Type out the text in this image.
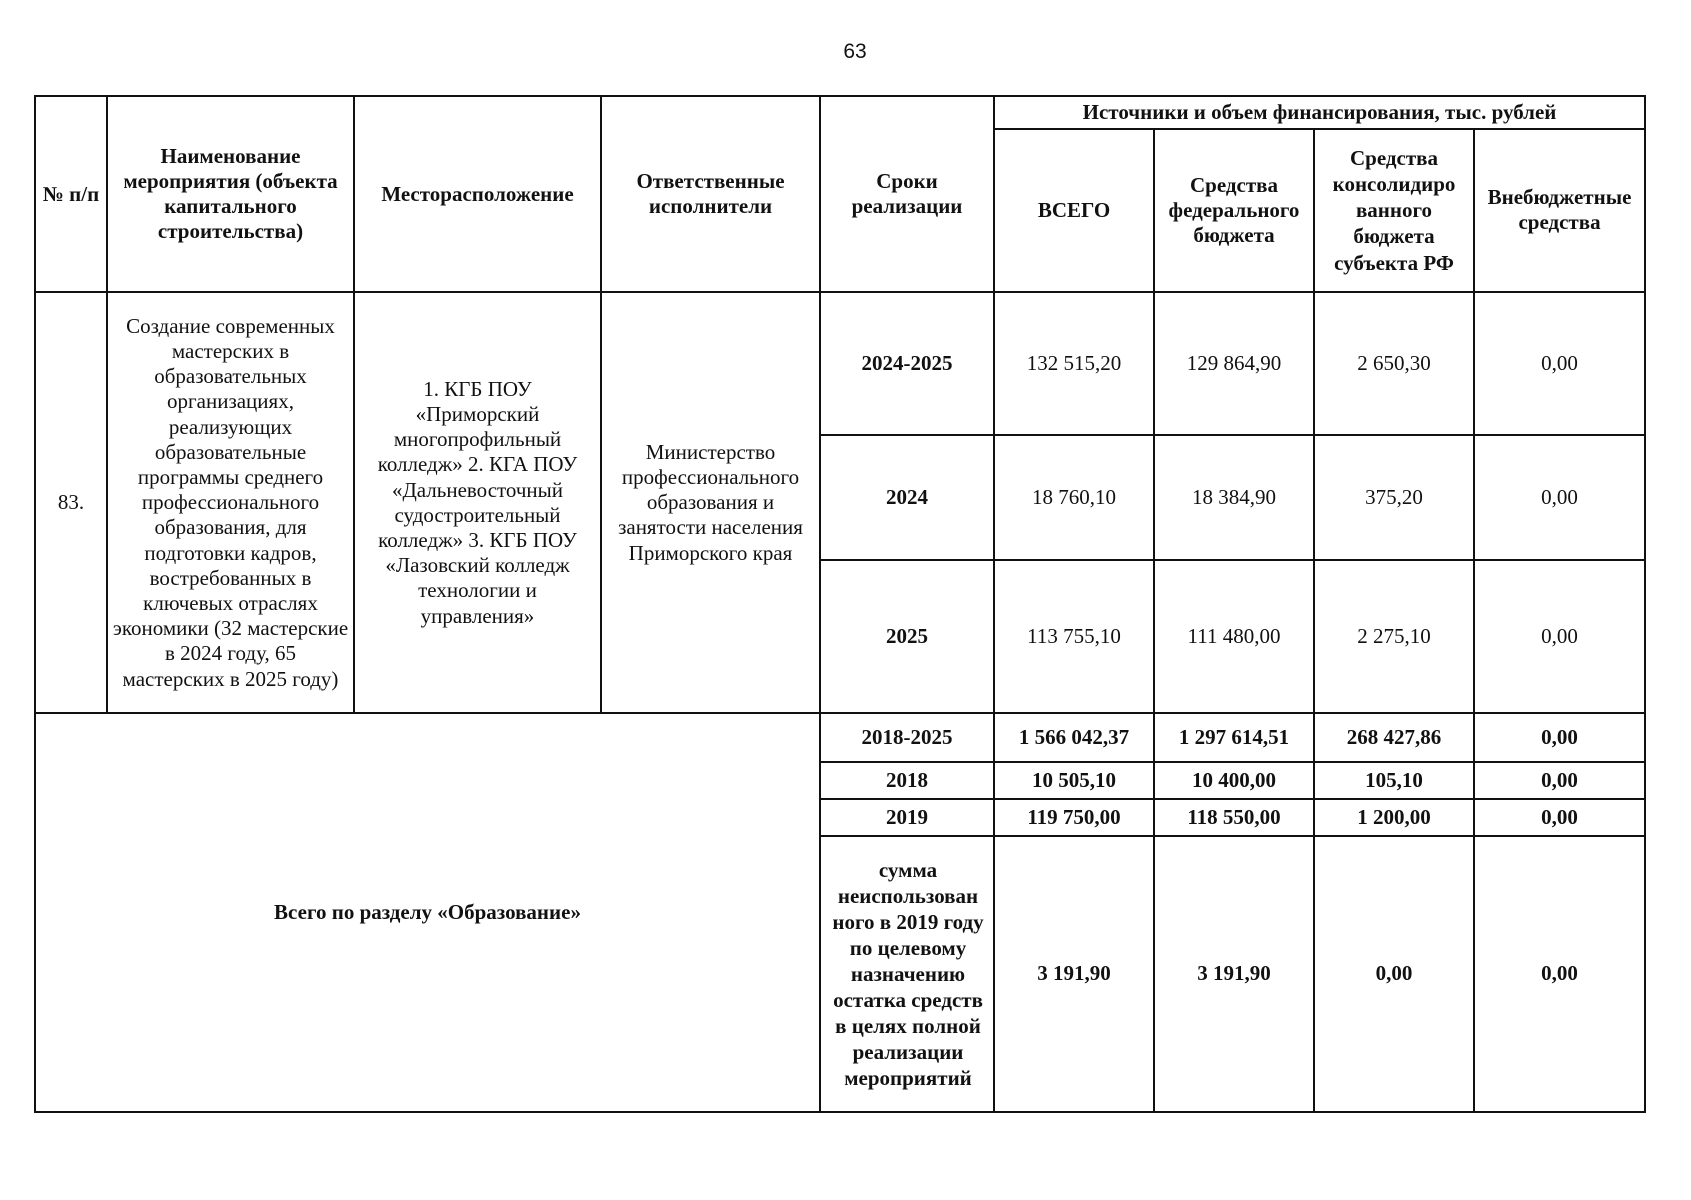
63
№ п/п	Наименование мероприятия (объекта капитального строительства)	Месторасположение	Ответственные исполнители	Сроки реализации	Источники и объем финансирования, тыс. рублей			
					ВСЕГО	Средства федерального бюджета	Средства консолидиро ванного бюджета субъекта РФ	Внебюджетные средства
83.	Создание современных мастерских в образовательных организациях, реализующих образовательные программы среднего профессионального образования, для подготовки кадров, востребованных в ключевых отраслях экономики (32 мастерские в 2024 году, 65 мастерских в 2025 году)	1. КГБ ПОУ «Приморский многопрофильный колледж» 2. КГА ПОУ «Дальневосточный судостроительный колледж» 3. КГБ ПОУ «Лазовский колледж технологии и управления»	Министерство профессионального образования и занятости населения Приморского края	2024-2025	132 515,20	129 864,90	2 650,30	0,00
				2024	18 760,10	18 384,90	375,20	0,00
				2025	113 755,10	111 480,00	2 275,10	0,00
Всего по разделу «Образование»				2018-2025	1 566 042,37	1 297 614,51	268 427,86	0,00
				2018	10 505,10	10 400,00	105,10	0,00
				2019	119 750,00	118 550,00	1 200,00	0,00
				сумма неиспользован ного в 2019 году по целевому назначению остатка средств в целях полной реализации мероприятий	3 191,90	3 191,90	0,00	0,00
